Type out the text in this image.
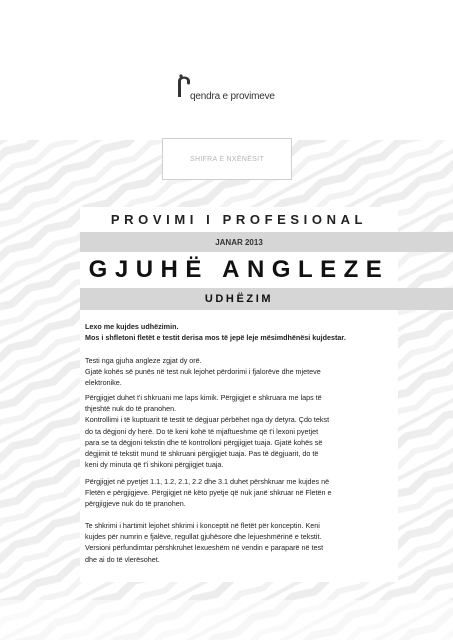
qendra e provimeve
SHIFRA E NXËNËSIT
PROVIMI I PROFESIONAL
JANAR 2013
GJUHË ANGLEZE
UDHËZIM

Lexo me kujdes udhëzimin.

Mos i shfletoni fletët e testit derisa mos të jepë leje mësimdhënësi kujdestar.

Testi nga gjuha angleze zgjat dy orë.

Gjatë kohës së punës në test nuk lejohet përdorimi i fjalorëve dhe mjeteve

elektronike.

Përgjigjet duhet t'i shkruani me laps kimik. Përgjigjet e shkruara me laps të

thjeshtë nuk do të pranohen.

Kontrollimi i të kuptuarit të testit të dëgjuar përbëhet nga dy detyra. Çdo tekst

do ta dëgjoni dy herë. Do të keni kohë të mjaftueshme që t'i lexoni pyetjet

para se ta dëgjoni tekstin dhe të kontrolloni përgjigjet tuaja. Gjatë kohës së

dëgjimit të tekstit mund të shkruani përgjigjet tuaja. Pas të dëgjuarit, do të

keni dy minuta që t'i shikoni përgjigjet tuaja.

Përgjigjet në pyetjet 1.1, 1.2, 2.1, 2.2 dhe 3.1 duhet përshkruar me kujdes në

Fletën e përgjigjeve. Përgjigjet në këto pyetje që nuk janë shkruar në Fletën e

përgjigjeve nuk do të pranohen.

Te shkrimi i hartimit lejohet shkrimi i konceptit në fletët për konceptin. Keni

kujdes për numrin e fjalëve, regullat gjuhësore dhe lejueshmërinë e tekstit.

Versioni përfundimtar përshkruhet lexueshëm në vendin e paraparë në test

dhe ai do të vlerësohet.
